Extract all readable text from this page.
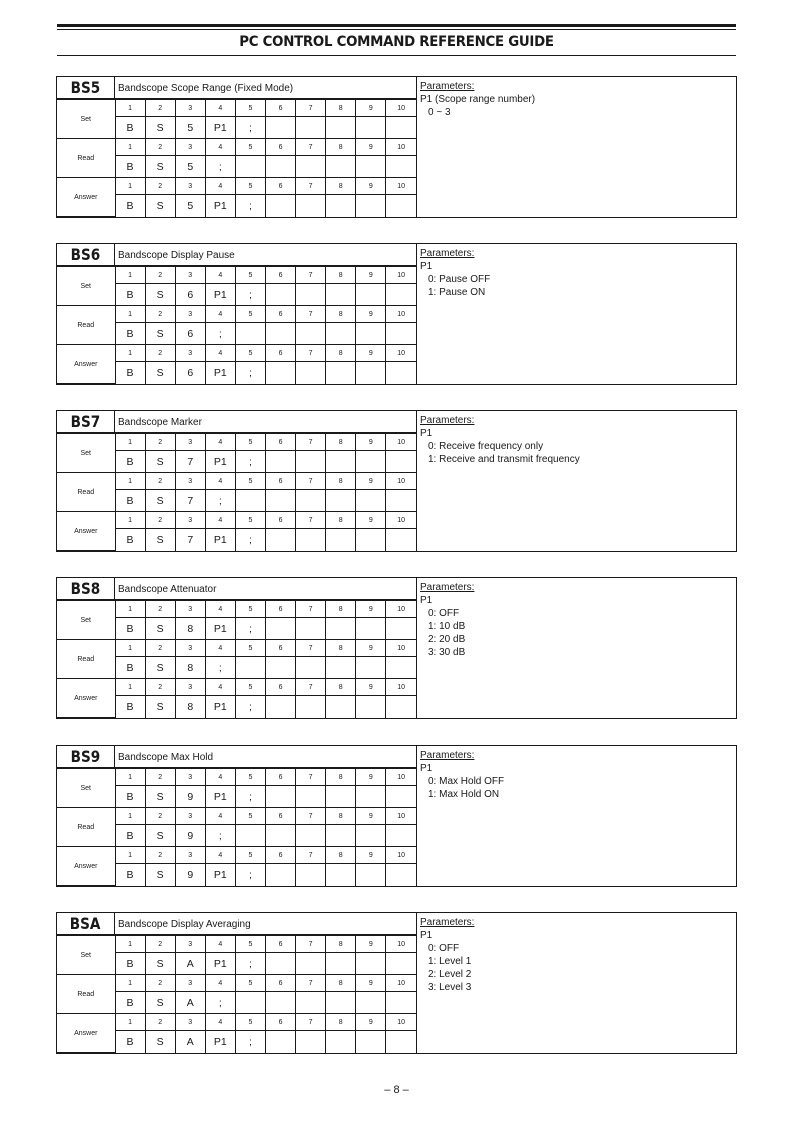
PC CONTROL COMMAND REFERENCE GUIDE
BS5	Bandscope Scope Range (Fixed Mode)
Set	1	2	3	4	5	6	7	8	9	10
	B	S	5	P1	;					
Read	1	2	3	4	5	6	7	8	9	10
	B	S	5	;						
Answer	1	2	3	4	5	6	7	8	9	10
	B	S	5	P1	;					
Parameters:
P1 (Scope range number)
0 ~ 3
BS6	Bandscope Display Pause
Set	1	2	3	4	5	6	7	8	9	10
	B	S	6	P1	;					
Read	1	2	3	4	5	6	7	8	9	10
	B	S	6	;						
Answer	1	2	3	4	5	6	7	8	9	10
	B	S	6	P1	;					
Parameters:
P1
0: Pause OFF
1: Pause ON
BS7	Bandscope Marker
Set	1	2	3	4	5	6	7	8	9	10
	B	S	7	P1	;					
Read	1	2	3	4	5	6	7	8	9	10
	B	S	7	;						
Answer	1	2	3	4	5	6	7	8	9	10
	B	S	7	P1	;					
Parameters:
P1
0: Receive frequency only
1: Receive and transmit frequency
BS8	Bandscope Attenuator
Set	1	2	3	4	5	6	7	8	9	10
	B	S	8	P1	;					
Read	1	2	3	4	5	6	7	8	9	10
	B	S	8	;						
Answer	1	2	3	4	5	6	7	8	9	10
	B	S	8	P1	;					
Parameters:
P1
0: OFF
1: 10 dB
2: 20 dB
3: 30 dB
BS9	Bandscope Max Hold
Set	1	2	3	4	5	6	7	8	9	10
	B	S	9	P1	;					
Read	1	2	3	4	5	6	7	8	9	10
	B	S	9	;						
Answer	1	2	3	4	5	6	7	8	9	10
	B	S	9	P1	;					
Parameters:
P1
0: Max Hold OFF
1: Max Hold ON
BSA	Bandscope Display Averaging
Set	1	2	3	4	5	6	7	8	9	10
	B	S	A	P1	;					
Read	1	2	3	4	5	6	7	8	9	10
	B	S	A	;						
Answer	1	2	3	4	5	6	7	8	9	10
	B	S	A	P1	;					
Parameters:
P1
0: OFF
1: Level 1
2: Level 2
3: Level 3
– 8 –
